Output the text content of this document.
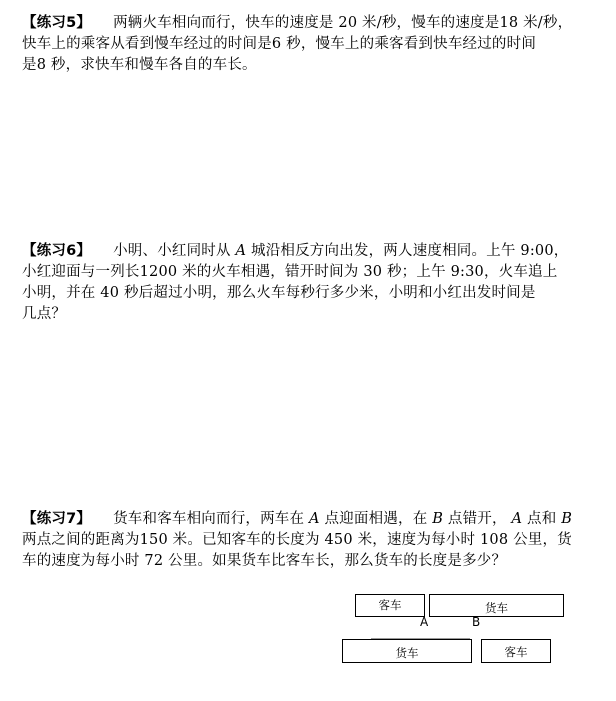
【练习5】 两辆火车相向而行，快车的速度是 20 米/秒，慢车的速度是18 米/秒，
快车上的乘客从看到慢车经过的时间是6 秒，慢车上的乘客看到快车经过的时间
是8 秒，求快车和慢车各自的车长。
【练习6】 小明、小红同时从 A 城沿相反方向出发，两人速度相同。上午 9:00，
小红迎面与一列长1200 米的火车相遇，错开时间为 30 秒；上午 9:30，火车追上
小明，并在 40 秒后超过小明，那么火车每秒行多少米，小明和小红出发时间是
几点？
【练习7】 货车和客车相向而行，两车在 A 点迎面相遇，在 B 点错开， A 点和 B
两点之间的距离为150 米。已知客车的长度为 450 米，速度为每小时 108 公里，货
车的速度为每小时 72 公里。如果货车比客车长，那么货车的长度是多少？
客车	货车
A	B
货车	客车
